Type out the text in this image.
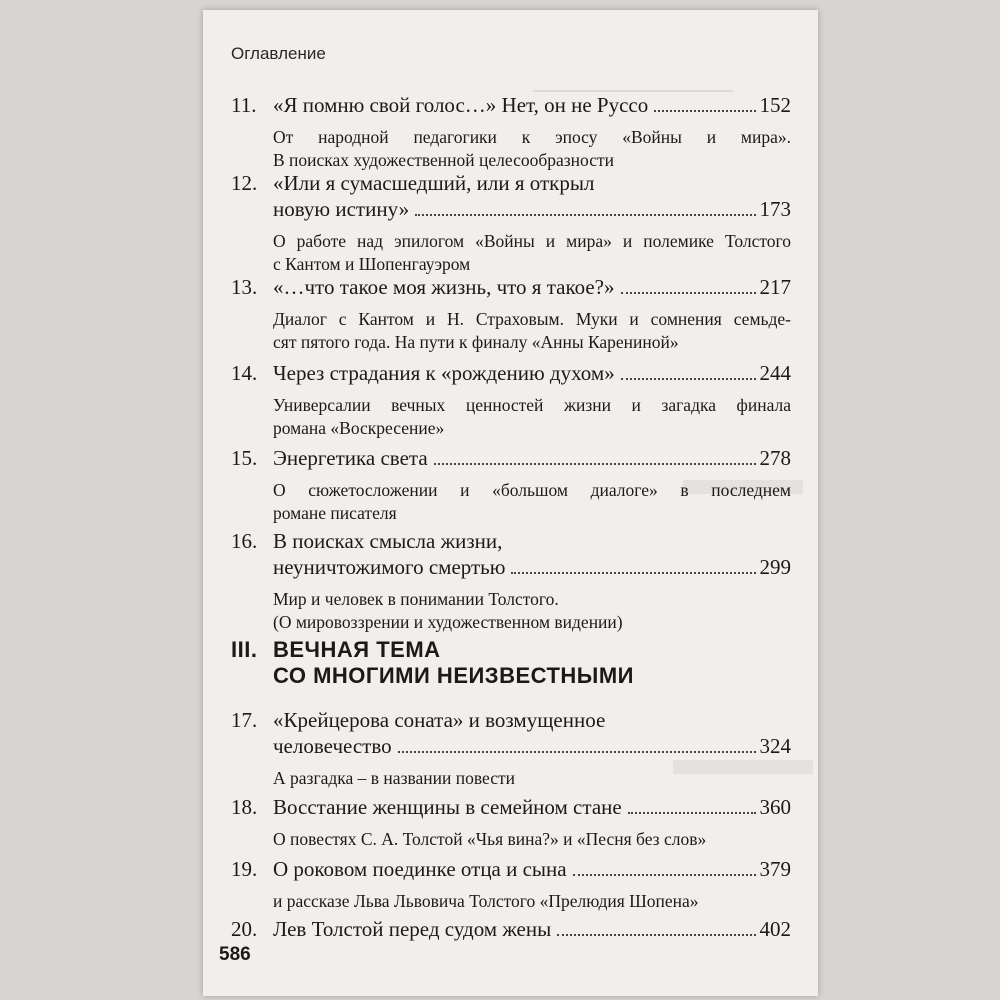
Оглавление
11. «Я помню свой голос…» Нет, он не Руссо	152
От народной педагогики к эпосу «Войны и мира».
В поисках художественной целесообразности
12. «Или я сумасшедший, или я открыл
новую истину»	173
О работе над эпилогом «Войны и мира» и полемике Толстого
с Кантом и Шопенгауэром
13. «…что такое моя жизнь, что я такое?»	217
Диалог с Кантом и Н. Страховым. Муки и сомнения семьде-
сят пятого года. На пути к финалу «Анны Карениной»
14. Через страдания к «рождению духом»	244
Универсалии вечных ценностей жизни и загадка финала
романа «Воскресение»
15. Энергетика света	278
О сюжетосложении и «большом диалоге» в последнем
романе писателя
16. В поисках смысла жизни,
неуничтожимого смертью	299
Мир и человек в понимании Толстого.
(О мировоззрении и художественном видении)
III. ВЕЧНАЯ ТЕМА
СО МНОГИМИ НЕИЗВЕСТНЫМИ
17. «Крейцерова соната» и возмущенное
человечество	324
А разгадка – в названии повести
18. Восстание женщины в семейном стане	360
О повестях С. А. Толстой «Чья вина?» и «Песня без слов»
19. О роковом поединке отца и сына	379
и рассказе Льва Львовича Толстого «Прелюдия Шопена»
20. Лев Толстой перед судом жены	402
586
